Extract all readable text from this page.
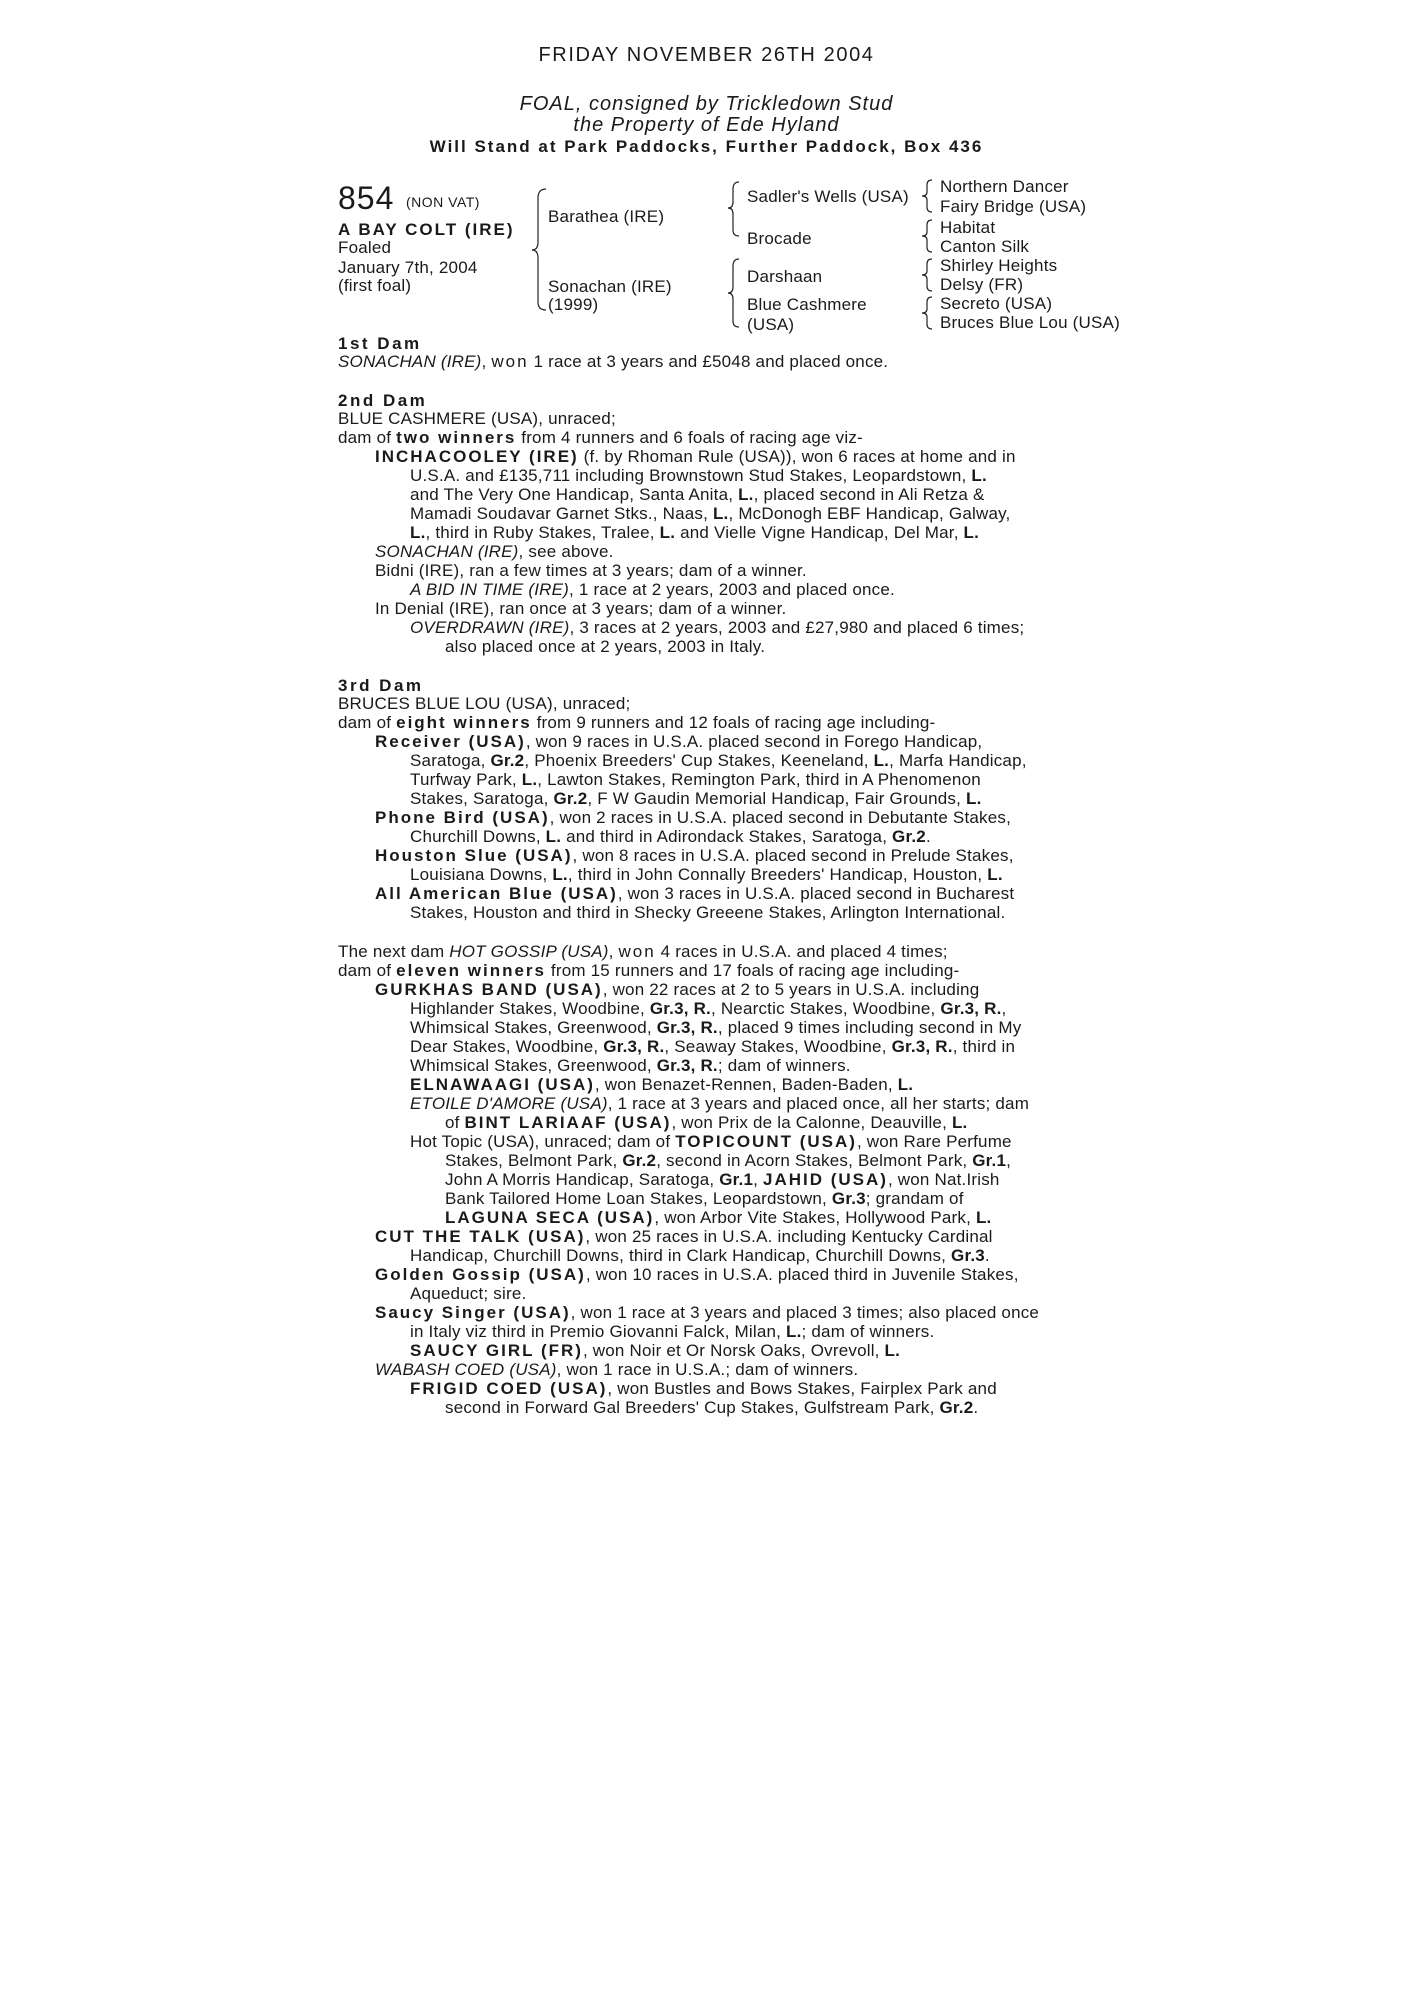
FRIDAY NOVEMBER 26TH 2004
FOAL, consigned by Trickledown Stud
the Property of Ede Hyland
Will Stand at Park Paddocks, Further Paddock, Box 436
854 (NON VAT)
A BAY COLT (IRE)
Foaled
January 7th, 2004
(first foal)
Barathea (IRE)
Sonachan (IRE)
(1999)
Sadler's Wells (USA)
Brocade
Darshaan
Blue Cashmere
(USA)
Northern Dancer
Fairy Bridge (USA)
Habitat
Canton Silk
Shirley Heights
Delsy (FR)
Secreto (USA)
Bruces Blue Lou (USA)
1st Dam
SONACHAN (IRE), won 1 race at 3 years and £5048 and placed once.
2nd Dam
BLUE CASHMERE (USA), unraced;
dam of two winners from 4 runners and 6 foals of racing age viz-
INCHACOOLEY (IRE) (f. by Rhoman Rule (USA)), won 6 races at home and in
U.S.A. and £135,711 including Brownstown Stud Stakes, Leopardstown, L.
and The Very One Handicap, Santa Anita, L., placed second in Ali Retza &
Mamadi Soudavar Garnet Stks., Naas, L., McDonogh EBF Handicap, Galway,
L., third in Ruby Stakes, Tralee, L. and Vielle Vigne Handicap, Del Mar, L.
SONACHAN (IRE), see above.
Bidni (IRE), ran a few times at 3 years; dam of a winner.
A BID IN TIME (IRE), 1 race at 2 years, 2003 and placed once.
In Denial (IRE), ran once at 3 years; dam of a winner.
OVERDRAWN (IRE), 3 races at 2 years, 2003 and £27,980 and placed 6 times;
also placed once at 2 years, 2003 in Italy.
3rd Dam
BRUCES BLUE LOU (USA), unraced;
dam of eight winners from 9 runners and 12 foals of racing age including-
Receiver (USA), won 9 races in U.S.A. placed second in Forego Handicap,
Saratoga, Gr.2, Phoenix Breeders' Cup Stakes, Keeneland, L., Marfa Handicap,
Turfway Park, L., Lawton Stakes, Remington Park, third in A Phenomenon
Stakes, Saratoga, Gr.2, F W Gaudin Memorial Handicap, Fair Grounds, L.
Phone Bird (USA), won 2 races in U.S.A. placed second in Debutante Stakes,
Churchill Downs, L. and third in Adirondack Stakes, Saratoga, Gr.2.
Houston Slue (USA), won 8 races in U.S.A. placed second in Prelude Stakes,
Louisiana Downs, L., third in John Connally Breeders' Handicap, Houston, L.
All American Blue (USA), won 3 races in U.S.A. placed second in Bucharest
Stakes, Houston and third in Shecky Greeene Stakes, Arlington International.
The next dam HOT GOSSIP (USA), won 4 races in U.S.A. and placed 4 times;
dam of eleven winners from 15 runners and 17 foals of racing age including-
GURKHAS BAND (USA), won 22 races at 2 to 5 years in U.S.A. including
Highlander Stakes, Woodbine, Gr.3, R., Nearctic Stakes, Woodbine, Gr.3, R.,
Whimsical Stakes, Greenwood, Gr.3, R., placed 9 times including second in My
Dear Stakes, Woodbine, Gr.3, R., Seaway Stakes, Woodbine, Gr.3, R., third in
Whimsical Stakes, Greenwood, Gr.3, R.; dam of winners.
ELNAWAAGI (USA), won Benazet-Rennen, Baden-Baden, L.
ETOILE D'AMORE (USA), 1 race at 3 years and placed once, all her starts; dam
of BINT LARIAAF (USA), won Prix de la Calonne, Deauville, L.
Hot Topic (USA), unraced; dam of TOPICOUNT (USA), won Rare Perfume
Stakes, Belmont Park, Gr.2, second in Acorn Stakes, Belmont Park, Gr.1,
John A Morris Handicap, Saratoga, Gr.1, JAHID (USA), won Nat.Irish
Bank Tailored Home Loan Stakes, Leopardstown, Gr.3; grandam of
LAGUNA SECA (USA), won Arbor Vite Stakes, Hollywood Park, L.
CUT THE TALK (USA), won 25 races in U.S.A. including Kentucky Cardinal
Handicap, Churchill Downs, third in Clark Handicap, Churchill Downs, Gr.3.
Golden Gossip (USA), won 10 races in U.S.A. placed third in Juvenile Stakes,
Aqueduct; sire.
Saucy Singer (USA), won 1 race at 3 years and placed 3 times; also placed once
in Italy viz third in Premio Giovanni Falck, Milan, L.; dam of winners.
SAUCY GIRL (FR), won Noir et Or Norsk Oaks, Ovrevoll, L.
WABASH COED (USA), won 1 race in U.S.A.; dam of winners.
FRIGID COED (USA), won Bustles and Bows Stakes, Fairplex Park and
second in Forward Gal Breeders' Cup Stakes, Gulfstream Park, Gr.2.
